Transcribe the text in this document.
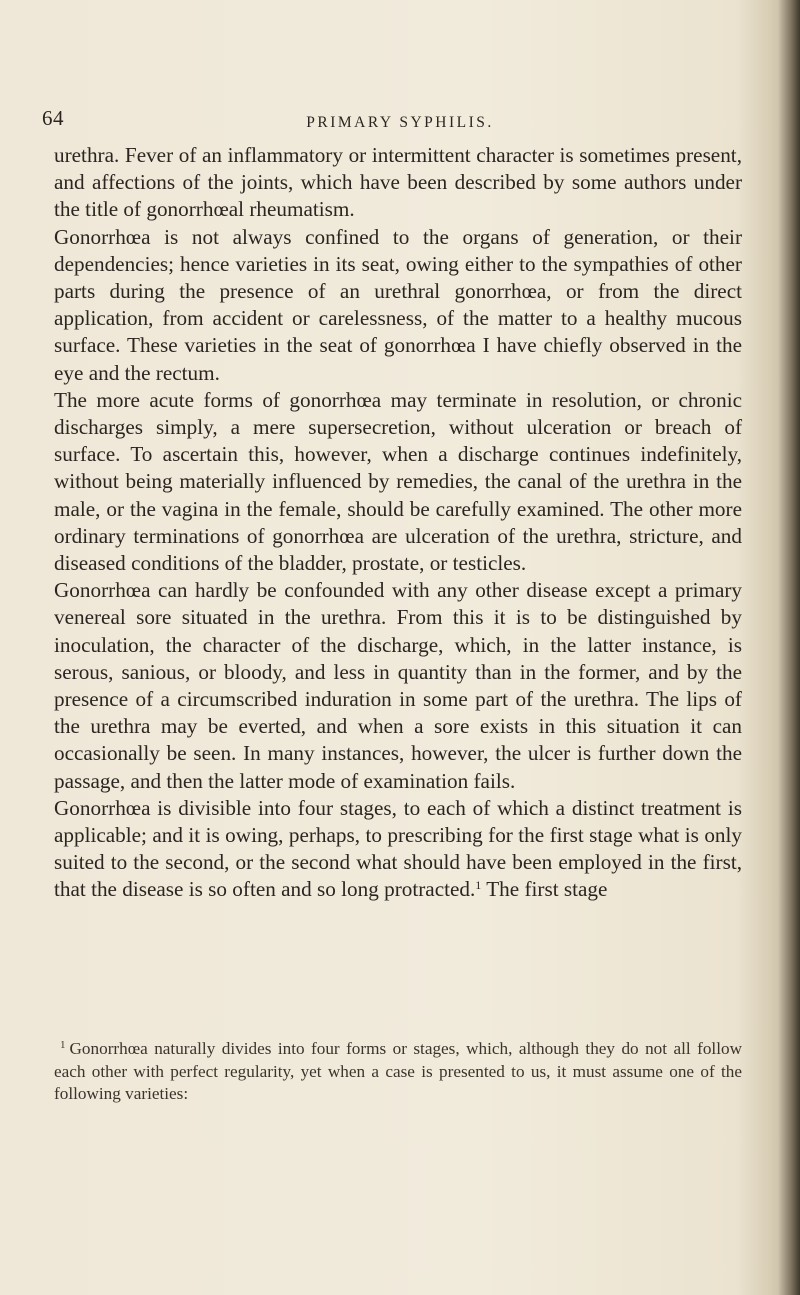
64	PRIMARY SYPHILIS.

urethra. Fever of an inflammatory or intermittent character is sometimes present, and affections of the joints, which have been described by some authors under the title of gonorrhœal rheumatism.

Gonorrhœa is not always confined to the organs of generation, or their dependencies; hence varieties in its seat, owing either to the sympathies of other parts during the presence of an urethral gonorrhœa, or from the direct application, from accident or carelessness, of the matter to a healthy mucous surface. These varieties in the seat of gonorrhœa I have chiefly observed in the eye and the rectum.

The more acute forms of gonorrhœa may terminate in resolution, or chronic discharges simply, a mere supersecretion, without ulceration or breach of surface. To ascertain this, however, when a discharge continues indefinitely, without being materially influenced by remedies, the canal of the urethra in the male, or the vagina in the female, should be carefully examined. The other more ordinary terminations of gonorrhœa are ulceration of the urethra, stricture, and diseased conditions of the bladder, prostate, or testicles.

Gonorrhœa can hardly be confounded with any other disease except a primary venereal sore situated in the urethra. From this it is to be distinguished by inoculation, the character of the discharge, which, in the latter instance, is serous, sanious, or bloody, and less in quantity than in the former, and by the presence of a circumscribed induration in some part of the urethra. The lips of the urethra may be everted, and when a sore exists in this situation it can occasionally be seen. In many instances, however, the ulcer is further down the passage, and then the latter mode of examination fails.

Gonorrhœa is divisible into four stages, to each of which a distinct treatment is applicable; and it is owing, perhaps, to prescribing for the first stage what is only suited to the second, or the second what should have been employed in the first, that the disease is so often and so long protracted.$^1$ The first stage

$^1$ Gonorrhœa naturally divides into four forms or stages, which, although they do not all follow each other with perfect regularity, yet when a case is presented to us, it must assume one of the following varieties:
